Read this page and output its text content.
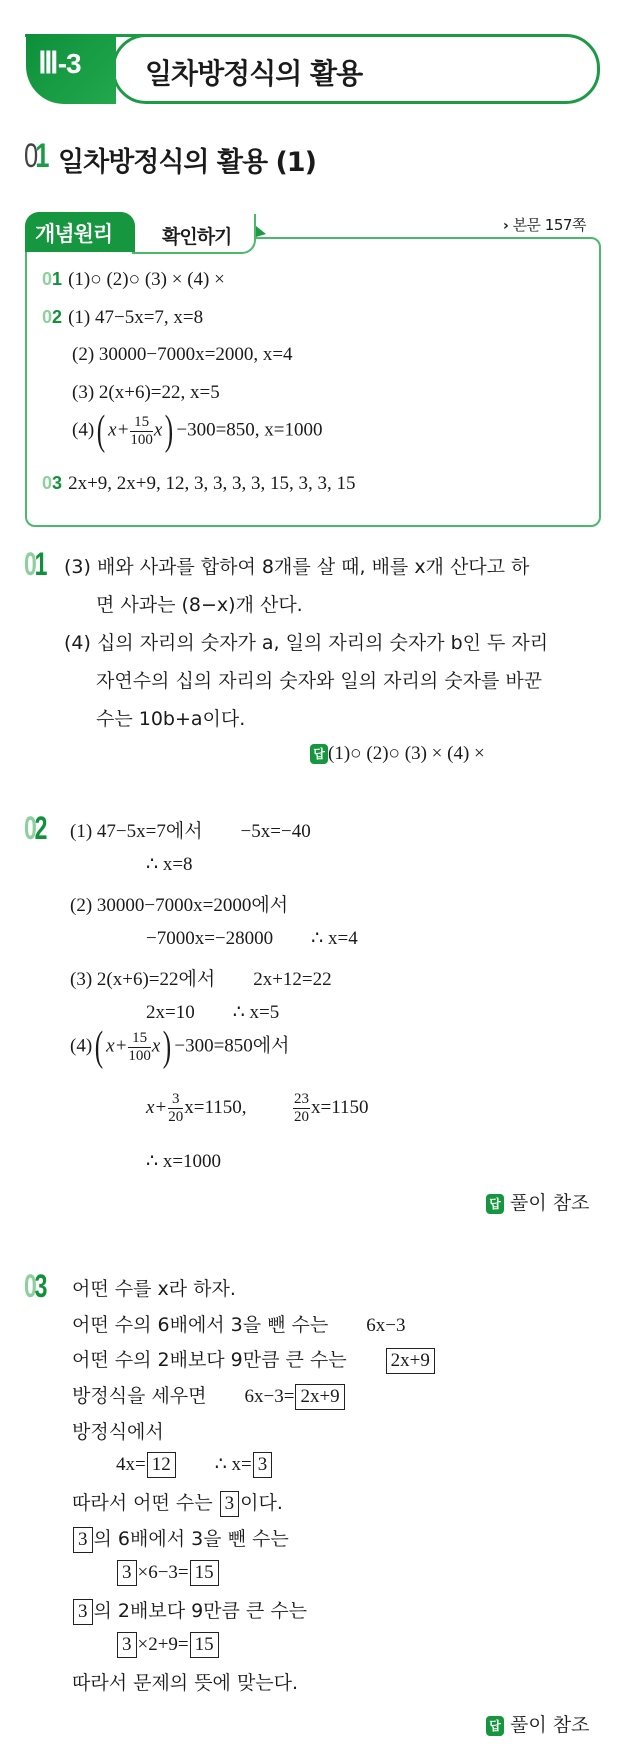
Ⅲ-3	일차방정식의 활용
01 일차방정식의 활용 (1)
확인하기
개념원리	› 본문 157쪽
01 (1)○ (2)○ (3) × (4) ×
02 (1) 47−5x=7, x=8
(2) 30000−7000x=2000, x=4
(3) 2(x+6)=22, x=5
(4)( $x+ \frac{15}{100} x) -300=850$, x=1000
03 2x+9, 2x+9, 12, 3, 3, 3, 3, 15, 3, 3, 15
01 (3) 배와 사과를 합하여 8개를 살 때, 배를 x개 산다고 하
면 사과는 (8−x)개 산다.
(4) 십의 자리의 숫자가 a, 일의 자리의 숫자가 b인 두 자리
자연수의 십의 자리의 숫자와 일의 자리의 숫자를 바꾼
수는 10b+a이다.
답 (1)○ (2)○ (3) × (4) ×
02 (1) 47−5x=7에서        −5x=−40
∴ x=8
(2) 30000−7000x=2000에서
−7000x=−28000        ∴ x=4
(3) 2(x+6)=22에서        2x+12=22
2x=10        ∴ x=5
(4)( $x+ \frac{15}{100} x) -300=850$에서
$x+ \frac{3}{20} x=1150$,	$\frac{23}{20} x=1150$
∴ x=1000
답 풀이 참조
03 어떤 수를 x라 하자.
어떤 수의 6배에서 3을 뺀 수는 6x−3
어떤 수의 2배보다 9만큼 큰 수는 2x+9
방정식을 세우면 6x−3= 2x+9
방정식에서
4x= 12 ∴ x= 3
따라서 어떤 수는 3 이다.
3 의 6배에서 3을 뺀 수는
3 ×6−3= 15
3 의 2배보다 9만큼 큰 수는
3 ×2+9= 15
따라서 문제의 뜻에 맞는다.
답 풀이 참조
